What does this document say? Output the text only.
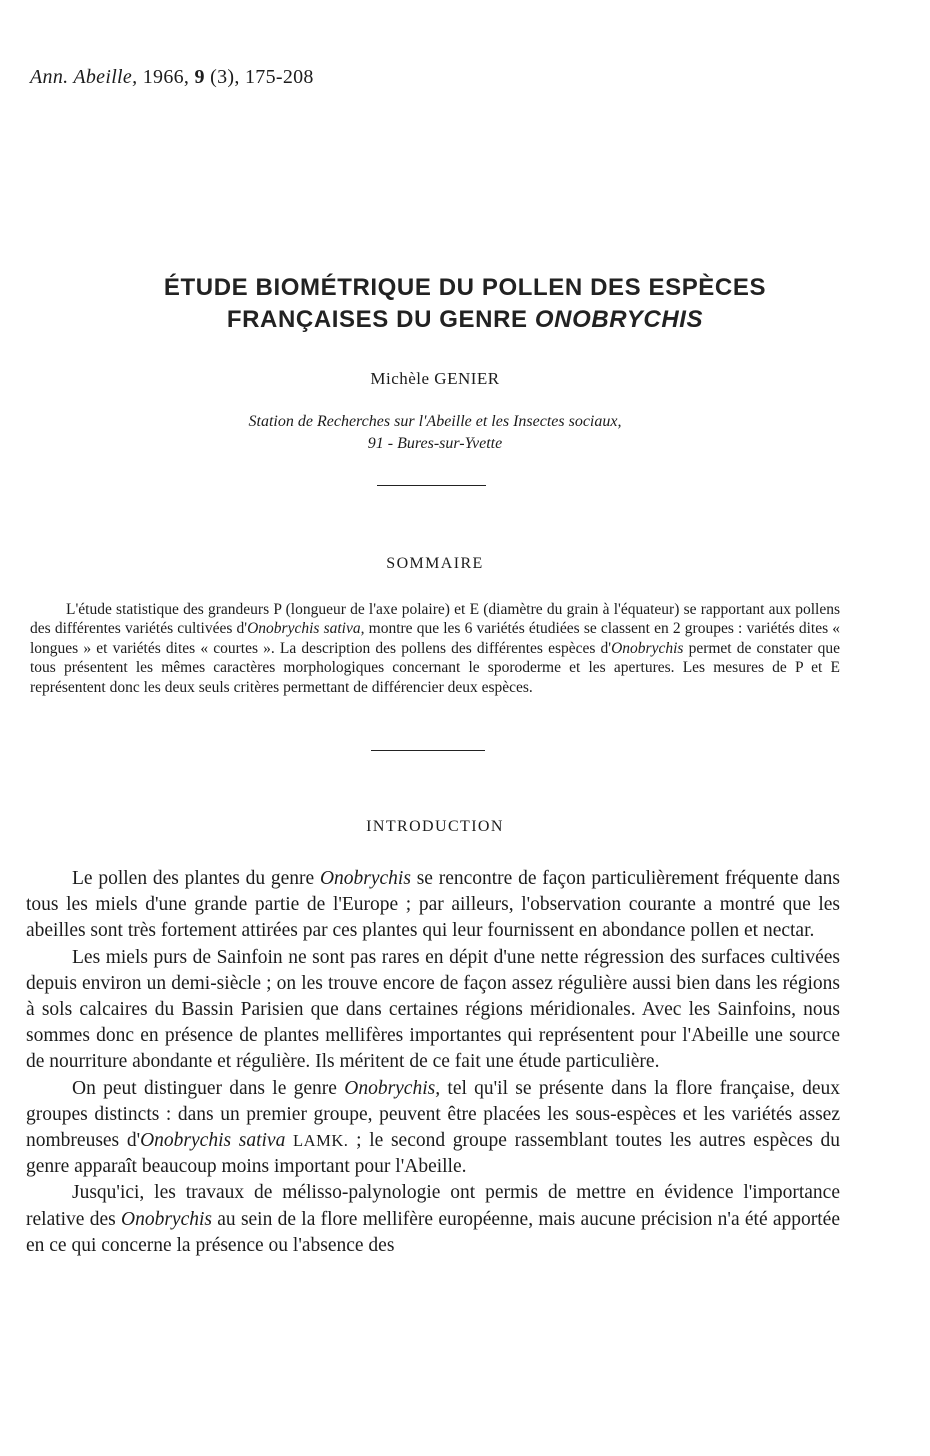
Ann. Abeille, 1966, 9 (3), 175-208
ÉTUDE BIOMÉTRIQUE DU POLLEN DES ESPÈCES
FRANÇAISES DU GENRE ONOBRYCHIS
Michèle GENIER
Station de Recherches sur l'Abeille et les Insectes sociaux,
91 - Bures-sur-Yvette
SOMMAIRE

L'étude statistique des grandeurs P (longueur de l'axe polaire) et E (diamètre du grain à l'équateur) se rapportant aux pollens des différentes variétés cultivées d'Onobrychis sativa, montre que les 6 variétés étudiées se classent en 2 groupes : variétés dites « longues » et variétés dites « courtes ». La description des pollens des différentes espèces d'Onobrychis permet de constater que tous présentent les mêmes caractères morphologiques concernant le sporoderme et les apertures. Les mesures de P et E représentent donc les deux seuls critères permettant de différencier deux espèces.

INTRODUCTION

Le pollen des plantes du genre Onobrychis se rencontre de façon particulièrement fréquente dans tous les miels d'une grande partie de l'Europe ; par ailleurs, l'observation courante a montré que les abeilles sont très fortement attirées par ces plantes qui leur fournissent en abondance pollen et nectar.

Les miels purs de Sainfoin ne sont pas rares en dépit d'une nette régression des surfaces cultivées depuis environ un demi-siècle ; on les trouve encore de façon assez régulière aussi bien dans les régions à sols calcaires du Bassin Parisien que dans certaines régions méridionales. Avec les Sainfoins, nous sommes donc en présence de plantes mellifères importantes qui représentent pour l'Abeille une source de nourriture abondante et régulière. Ils méritent de ce fait une étude particulière.

On peut distinguer dans le genre Onobrychis, tel qu'il se présente dans la flore française, deux groupes distincts : dans un premier groupe, peuvent être placées les sous-espèces et les variétés assez nombreuses d'Onobrychis sativa LAMK. ; le second groupe rassemblant toutes les autres espèces du genre apparaît beaucoup moins important pour l'Abeille.

Jusqu'ici, les travaux de mélisso-palynologie ont permis de mettre en évidence l'importance relative des Onobrychis au sein de la flore mellifère européenne, mais aucune précision n'a été apportée en ce qui concerne la présence ou l'absence des
